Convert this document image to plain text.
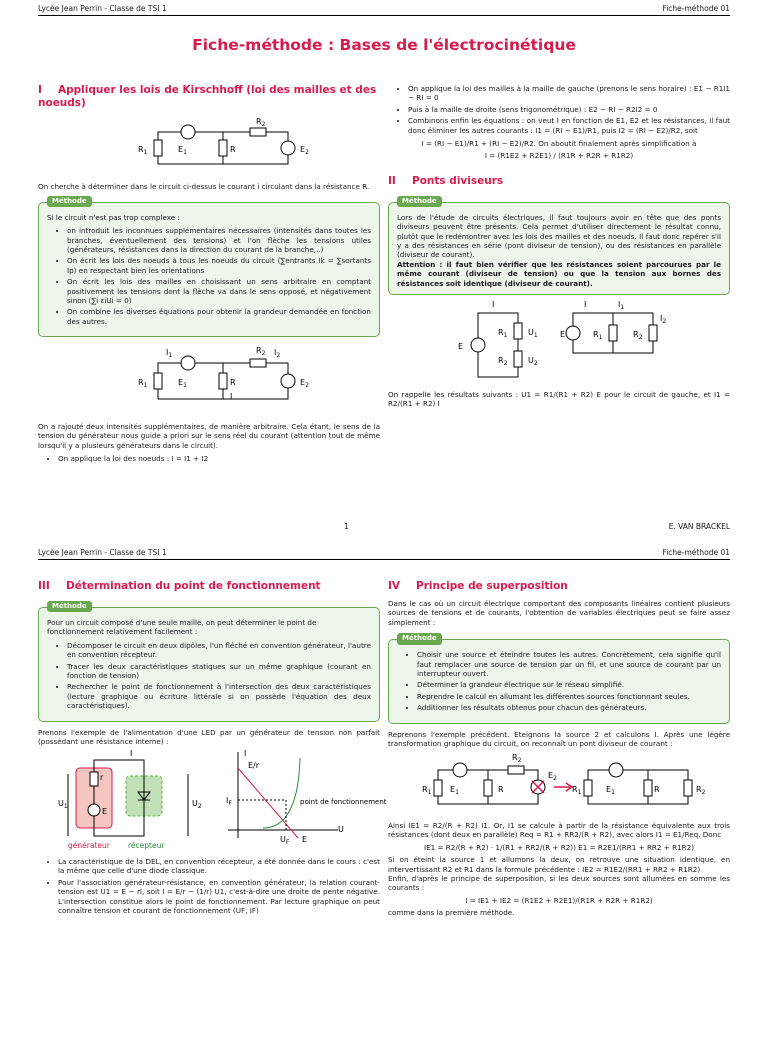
Lycée Jean Perrin - Classe de TSI 1	Fiche-méthode 01
Fiche-méthode : Bases de l'électrocinétique
I Appliquer les lois de Kirschhoff (loi des mailles et des noeuds)
$R_1$	$E_1$	R
$R_2$
$E_2$
On cherche à déterminer dans le circuit ci-dessus le courant i circulant dans la résistance R.
Méthode
Si le circuit n'est pas trop complexe :
• on introduit les inconnues supplémentaires nécessaires (intensités dans toutes les branches, éventuellement des tensions) et l'on flèche les tensions utiles (générateurs, résistances dans la direction du courant de la branche,..)
• On écrit les lois des noeuds à tous les noeuds du circuit (∑entrants Ik = ∑sortants Ip) en respectant bien les orientations
• On écrit les lois des mailles en choisissant un sens arbitraire en comptant positivement les tensions dont la flèche va dans le sens opposé, et négativement sinon (∑i εiUi = 0)
• On combine les diverses équations pour obtenir la grandeur demandée en fonction des autres.
$R_1$	$E_1$	R
I
$R_2$
$I_1$	$I_2$
$E_2$
On a rajouté deux intensités supplémentaires, de manière arbitraire. Cela étant, le sens de la tension du générateur nous guide a priori sur le sens réel du courant (attention tout de même lorsqu'il y a plusieurs générateurs dans le circuit).
• On applique la loi des noeuds : I = I1 + I2
• On applique la loi des mailles à la maille de gauche (prenons le sens horaire) : E1 − R1I1 − RI = 0
• Puis à la maille de droite (sens trigonométrique) : E2 − RI − R2I2 = 0
• Combinons enfin les équations : on veut I en fonction de E1, E2 et les résistances, il faut donc éliminer les autres courants : I1 = (RI − E1)/R1, puis I2 = (RI − E2)/R2, soit
I = (RI − E1)/R1 + (RI − E2)/R2. On aboutit finalement après simplification à
I = (R1E2 + R2E1) / (R1R + R2R + R1R2)
II Ponts diviseurs
Méthode
Lors de l'étude de circuits électriques, il faut toujours avoir en tête que des ponts diviseurs peuvent être présents. Cela permet d'utiliser directement le résultat connu, plutôt que le redémontrer avec les lois des mailles et des noeuds. Il faut donc repérer s'il y a des résistances en série (pont diviseur de tension), ou des résistances en parallèle (diviseur de courant).
Attention : il faut bien vérifier que les résistances soient parcourues par le même courant (diviseur de tension) ou que la tension aux bornes des résistances soit identique (diviseur de courant).
E
$R_1$
$R_2$
$U_1$
$U_2$
I
E	$R_1$	$R_2$
I	$I_1$
$I_2$
On rappelle les résultats suivants : U1 = R1/(R1 + R2) E pour le circuit de gauche, et I1 = R2/(R1 + R2) I
1	E. VAN BRACKEL
Lycée Jean Perrin - Classe de TSI 1	Fiche-méthode 01
III Détermination du point de fonctionnement
Méthode
Pour un circuit composé d'une seule maille, on peut déterminer le point de fonctionnement relativement facilement :
• Décomposer le circuit en deux dipôles, l'un fléché en convention générateur, l'autre en convention récepteur.
• Tracer les deux caractéristiques statiques sur un même graphique (courant en fonction de tension)
• Rechercher le point de fonctionnement à l'intersection des deux caractéristiques (lecture graphique ou écriture littérale si on possède l'équation des deux caractéristiques).
Prenons l'exemple de l'alimentation d'une LED par un générateur de tension non parfait (possédant une résistance interne) :
$U_1$
r
E
I
$U_2$
générateur récepteur
I
E/r
$I_F$
$U_F$ E
U
point de fonctionnement
• La caractéristique de la DEL, en convention récepteur, a été donnée dans le cours : c'est la même que celle d'une diode classique.
• Pour l'association générateur-résistance, en convention générateur, la relation courant-tension est U1 = E − rI, soit I = E/r − (1/r) U1, c'est-à-dire une droite de pente négative. L'intersection constitue alors le point de fonctionnement. Par lecture graphique on peut connaître tension et courant de fonctionnement (UF, IF)
IV Principe de superposition
Dans le cas où un circuit électrique comportant des composants linéaires contient plusieurs sources de tensions et de courants, l'obtention de variables électriques peut se faire assez simplement :
Méthode
• Choisir une source et éteindre toutes les autres. Concrètement, cela signifie qu'il faut remplacer une source de tension par un fil, et une source de courant par un interrupteur ouvert.
• Déterminer la grandeur électrique sur le réseau simplifié.
• Reprendre le calcul en allumant les différentes sources fonctionnant seules.
• Additionner les résultats obtenus pour chacun des générateurs.
Reprenons l'exemple précédent. Eteignons la source 2 et calculons I. Après une légère transformation graphique du circuit, on reconnaît un pont diviseur de courant :
$R_1$ $E_1$	R
$R_2$
$E_2$
$R_1$	$E_1$	R	$R_2$
Ainsi IE1 = R2/(R + R2) I1. Or, I1 se calcule à partir de la résistance équivalente aux trois résistances (dont deux en parallèle) Req = R1 + RR2/(R + R2), avec alors I1 = E1/Req. Donc
IE1 = R2/(R + R2) · 1/(R1 + RR2/(R + R2)) E1 = R2E1/(RR1 + RR2 + R1R2)
Si on éteint la source 1 et allumons la deux, on retrouve une situation identique, en intervertissant R2 et R1 dans la formule précédente : IE2 = R1E2/(RR1 + RR2 + R1R2)
Enfin, d'après le principe de superposition, si les deux sources sont allumées en somme les courants :
I = IE1 + IE2 = (R1E2 + R2E1)/(R1R + R2R + R1R2)
comme dans la première méthode.
